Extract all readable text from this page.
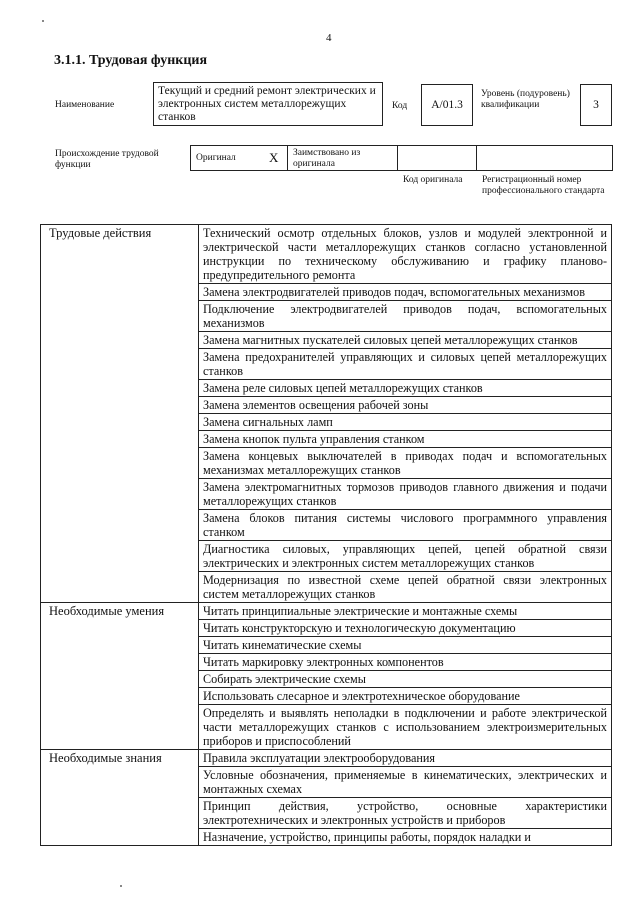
4
3.1.1. Трудовая функция
Наименование
Текущий и средний ремонт электрических и электронных систем металлорежущих станков
Код A/01.3
Уровень (подуровень) квалификации	3
Происхождение трудовой функции
Оригинал	X Заимствовано из оригинала
Код оригинала Регистрационный номер профессионального стандарта
Трудовые действия	Технический осмотр отдельных блоков, узлов и модулей электронной и электрической части металлорежущих станков согласно установленной инструкции по техническому обслуживанию и графику планово-предупредительного ремонта
	Замена электродвигателей приводов подач, вспомогательных механизмов
	Подключение электродвигателей приводов подач, вспомогательных механизмов
	Замена магнитных пускателей силовых цепей металлорежущих станков
	Замена предохранителей управляющих и силовых цепей металлорежущих станков
	Замена реле силовых цепей металлорежущих станков
	Замена элементов освещения рабочей зоны
	Замена сигнальных ламп
	Замена кнопок пульта управления станком
	Замена концевых выключателей в приводах подач и вспомогательных механизмах металлорежущих станков
	Замена электромагнитных тормозов приводов главного движения и подачи металлорежущих станков
	Замена блоков питания системы числового программного управления станком
	Диагностика силовых, управляющих цепей, цепей обратной связи электрических и электронных систем металлорежущих станков
	Модернизация по известной схеме цепей обратной связи электронных систем металлорежущих станков
Необходимые умения	Читать принципиальные электрические и монтажные схемы
	Читать конструкторскую и технологическую документацию
	Читать кинематические схемы
	Читать маркировку электронных компонентов
	Собирать электрические схемы
	Использовать слесарное и электротехническое оборудование
	Определять и выявлять неполадки в подключении и работе электрической части металлорежущих станков с использованием электроизмерительных приборов и приспособлений
Необходимые знания	Правила эксплуатации электрооборудования
	Условные обозначения, применяемые в кинематических, электрических и монтажных схемах
	Принцип действия, устройство, основные характеристики электротехнических и электронных устройств и приборов
	Назначение, устройство, принципы работы, порядок наладки и
